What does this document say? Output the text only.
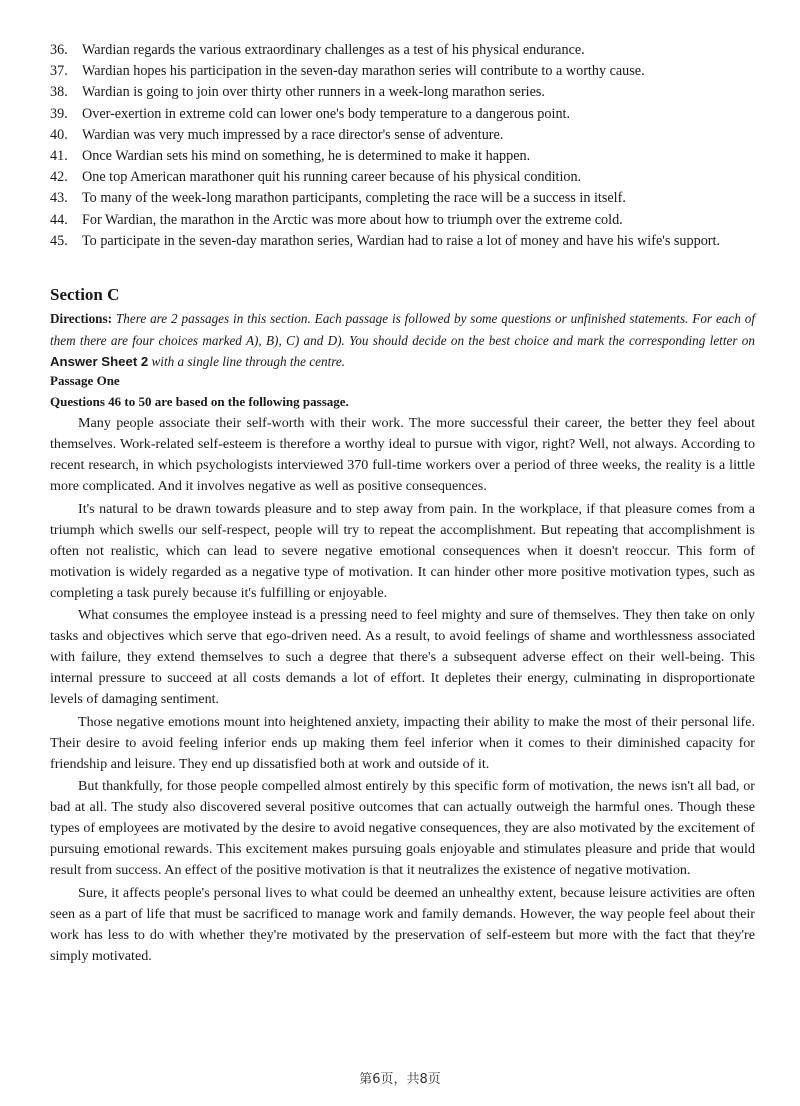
36. Wardian regards the various extraordinary challenges as a test of his physical endurance.
37. Wardian hopes his participation in the seven-day marathon series will contribute to a worthy cause.
38. Wardian is going to join over thirty other runners in a week-long marathon series.
39. Over-exertion in extreme cold can lower one's body temperature to a dangerous point.
40. Wardian was very much impressed by a race director's sense of adventure.
41. Once Wardian sets his mind on something, he is determined to make it happen.
42. One top American marathoner quit his running career because of his physical condition.
43. To many of the week-long marathon participants, completing the race will be a success in itself.
44. For Wardian, the marathon in the Arctic was more about how to triumph over the extreme cold.
45. To participate in the seven-day marathon series, Wardian had to raise a lot of money and have his wife's support.
Section C
Directions: There are 2 passages in this section. Each passage is followed by some questions or unfinished statements. For each of them there are four choices marked A), B), C) and D). You should decide on the best choice and mark the corresponding letter on Answer Sheet 2 with a single line through the centre.
Passage One
Questions 46 to 50 are based on the following passage.

Many people associate their self-worth with their work. The more successful their career, the better they feel about themselves. Work-related self-esteem is therefore a worthy ideal to pursue with vigor, right? Well, not always. According to recent research, in which psychologists interviewed 370 full-time workers over a period of three weeks, the reality is a little more complicated. And it involves negative as well as positive consequences.

It's natural to be drawn towards pleasure and to step away from pain. In the workplace, if that pleasure comes from a triumph which swells our self-respect, people will try to repeat the accomplishment. But repeating that accomplishment is often not realistic, which can lead to severe negative emotional consequences when it doesn't reoccur. This form of motivation is widely regarded as a negative type of motivation. It can hinder other more positive motivation types, such as completing a task purely because it's fulfilling or enjoyable.

What consumes the employee instead is a pressing need to feel mighty and sure of themselves. They then take on only tasks and objectives which serve that ego-driven need. As a result, to avoid feelings of shame and worthlessness associated with failure, they extend themselves to such a degree that there's a subsequent adverse effect on their well-being. This internal pressure to succeed at all costs demands a lot of effort. It depletes their energy, culminating in disproportionate levels of damaging sentiment.

Those negative emotions mount into heightened anxiety, impacting their ability to make the most of their personal life. Their desire to avoid feeling inferior ends up making them feel inferior when it comes to their diminished capacity for friendship and leisure. They end up dissatisfied both at work and outside of it.

But thankfully, for those people compelled almost entirely by this specific form of motivation, the news isn't all bad, or bad at all. The study also discovered several positive outcomes that can actually outweigh the harmful ones. Though these types of employees are motivated by the desire to avoid negative consequences, they are also motivated by the excitement of pursuing emotional rewards. This excitement makes pursuing goals enjoyable and stimulates pleasure and pride that would result from success. An effect of the positive motivation is that it neutralizes the existence of negative motivation.

Sure, it affects people's personal lives to what could be deemed an unhealthy extent, because leisure activities are often seen as a part of life that must be sacrificed to manage work and family demands. However, the way people feel about their work has less to do with whether they're motivated by the preservation of self-esteem but more with the fact that they're simply motivated.

第6页，共8页
